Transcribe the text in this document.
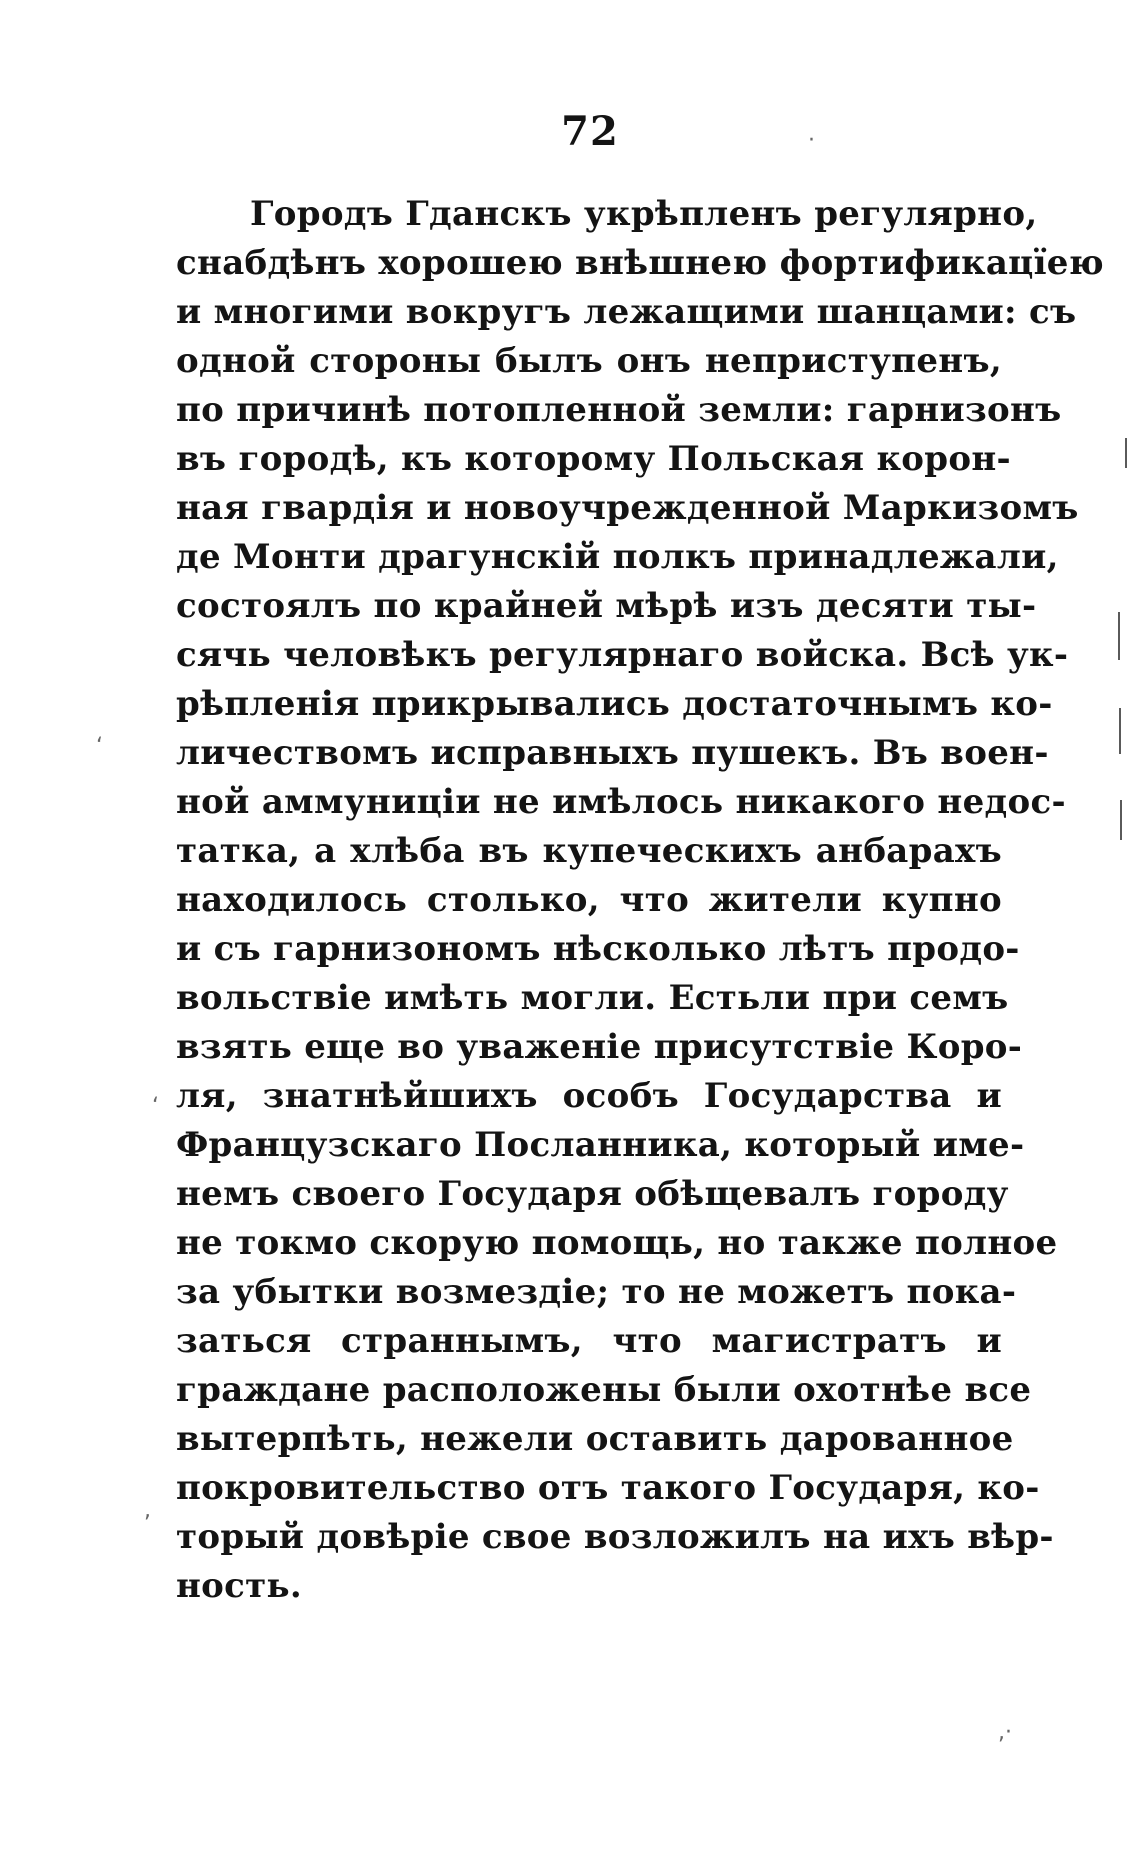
72
Городъ Гданскъ укрѣпленъ регулярно,
снабдѣнъ хорошею внѣшнею фортификацїею
и многими вокругъ лежащими шанцами: съ
одной стороны былъ онъ неприступенъ,
по причинѣ потопленной земли: гарнизонъ
въ городѣ, къ которому Польская корон-
ная гвардія и новоучрежденной Маркизомъ
де Монти драгунскій полкъ принадлежали,
состоялъ по крайней мѣрѣ изъ десяти ты-
сячь человѣкъ регулярнаго войска. Всѣ ук-
рѣпленія прикрывались достаточнымъ ко-
личествомъ исправныхъ пушекъ. Въ воен-
ной аммуниціи не имѣлось никакого недос-
татка, а хлѣба въ купеческихъ анбарахъ
находилось столько, что жители купно
и съ гарнизономъ нѣсколько лѣтъ продо-
вольствіе имѣть могли. Естьли при семъ
взять еще во уваженіе присутствіе Коро-
ля, знатнѣйшихъ особъ Государства и
Французскаго Посланника, который име-
немъ своего Государя обѣщевалъ городу
не токмо скорую помощь, но также полное
за убытки возмездіе; то не можетъ пока-
заться страннымъ, что магистратъ и
граждане расположены были охотнѣе все
вытерпѣть, нежели оставить дарованное
покровительство отъ такого Государя, ко-
торый довѣріе свое возложилъ на ихъ вѣр-
ность.
‘
‘
,
,·
·
